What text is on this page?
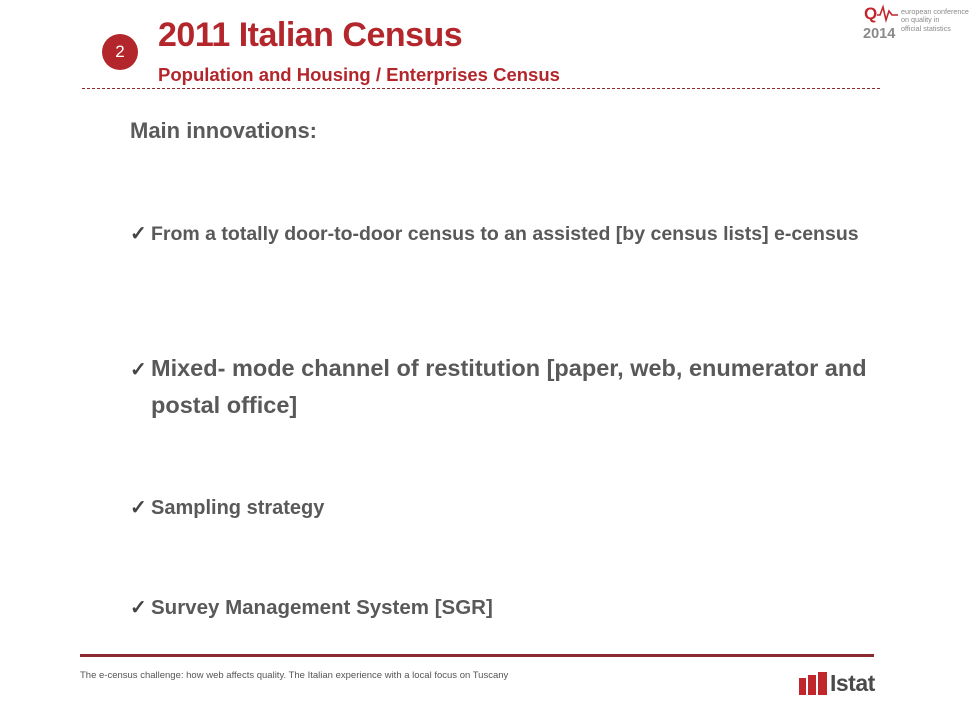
2 2011 Italian Census
Population and Housing / Enterprises Census
Q
2014
european conference
on quality in
official statistics
Main innovations:
✓ From a totally door-to-door census to an assisted [by census lists] e-census
✓ Mixed- mode channel of restitution [paper, web, enumerator and postal office]
✓ Sampling strategy
✓ Survey Management System [SGR]
The e-census challenge: how web affects quality. The Italian experience with a local focus on Tuscany	Istat
